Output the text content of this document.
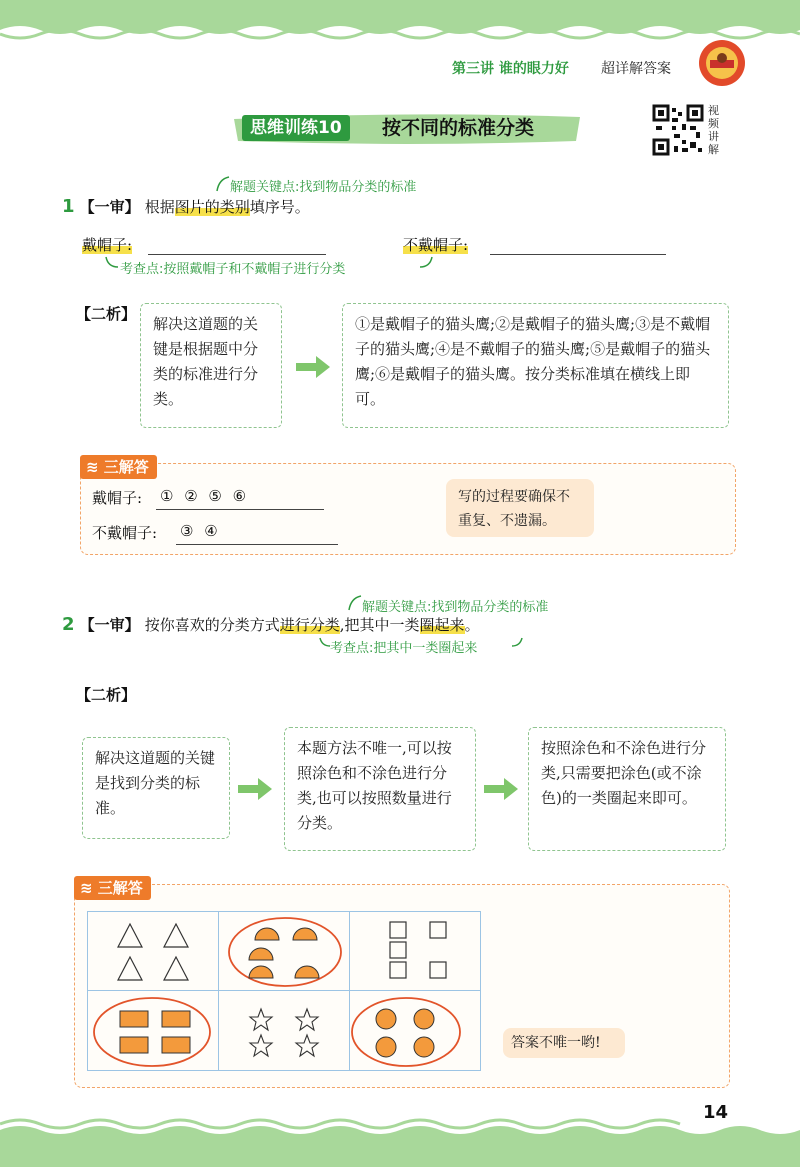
第三讲 谁的眼力好 超详解答案
思维训练10	按不同的标准分类
视频讲解
解题关键点:找到物品分类的标准
1 【一审】 根据图片的类别填序号。
戴帽子:	不戴帽子:
考查点:按照戴帽子和不戴帽子进行分类
【二析】
解决这道题的关键是根据题中分类的标准进行分类。
①是戴帽子的猫头鹰;②是戴帽子的猫头鹰;③是不戴帽子的猫头鹰;④是不戴帽子的猫头鹰;⑤是戴帽子的猫头鹰;⑥是戴帽子的猫头鹰。按分类标准填在横线上即可。
≋ 三解答
戴帽子: ① ② ⑤ ⑥
不戴帽子: ③ ④
写的过程要确保不重复、不遗漏。
解题关键点:找到物品分类的标准
2 【一审】 按你喜欢的分类方式进行分类,把其中一类圈起来。
考查点:把其中一类圈起来
【二析】
解决这道题的关键是找到分类的标准。
本题方法不唯一,可以按照涂色和不涂色进行分类,也可以按照数量进行分类。
按照涂色和不涂色进行分类,只需要把涂色(或不涂色)的一类圈起来即可。
≋ 三解答
答案不唯一哟!
14
